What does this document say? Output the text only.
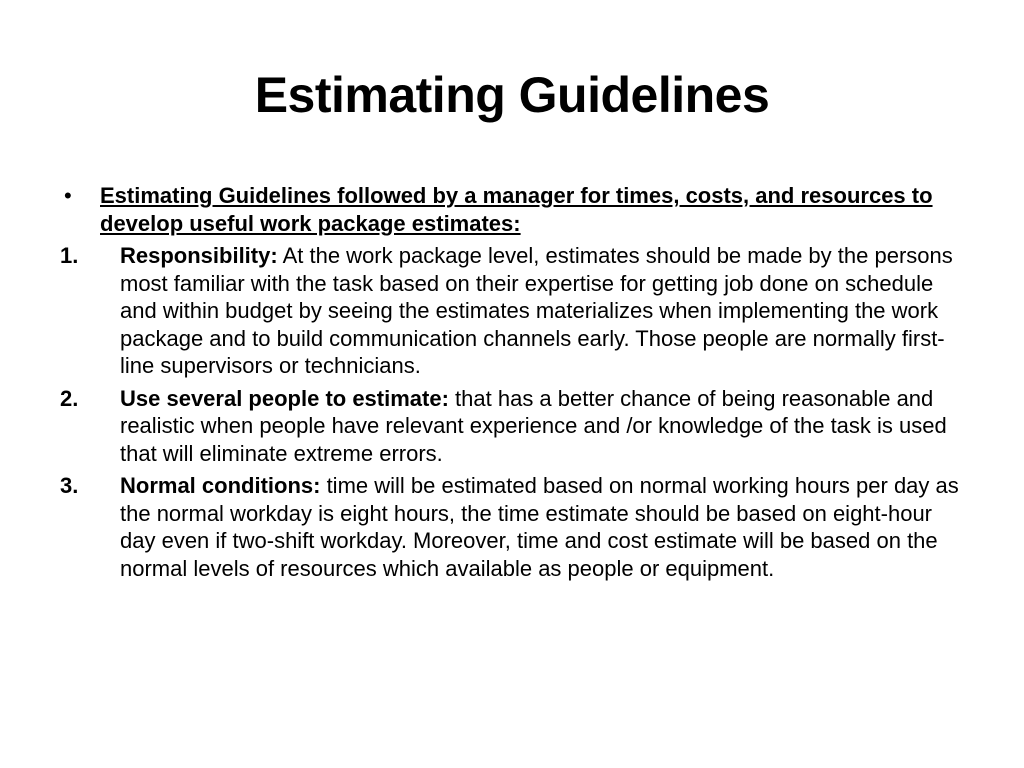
Estimating Guidelines
• Estimating Guidelines followed by a manager for times, costs, and resources to develop useful work package estimates:
1. Responsibility: At the work package level, estimates should be made by the persons most familiar with the task based on their expertise for getting job done on schedule and within budget by seeing the estimates materializes when implementing the work package and to build communication channels early. Those people are normally first-line supervisors or technicians.
2. Use several people to estimate: that has a better chance of being reasonable and realistic when people have relevant experience and /or knowledge of the task is used that will eliminate extreme errors.
3. Normal conditions: time will be estimated based on normal working hours per day as the normal workday is eight hours, the time estimate should be based on eight-hour day even if two-shift workday. Moreover, time and cost estimate will be based on the normal levels of resources which available as people or equipment.
